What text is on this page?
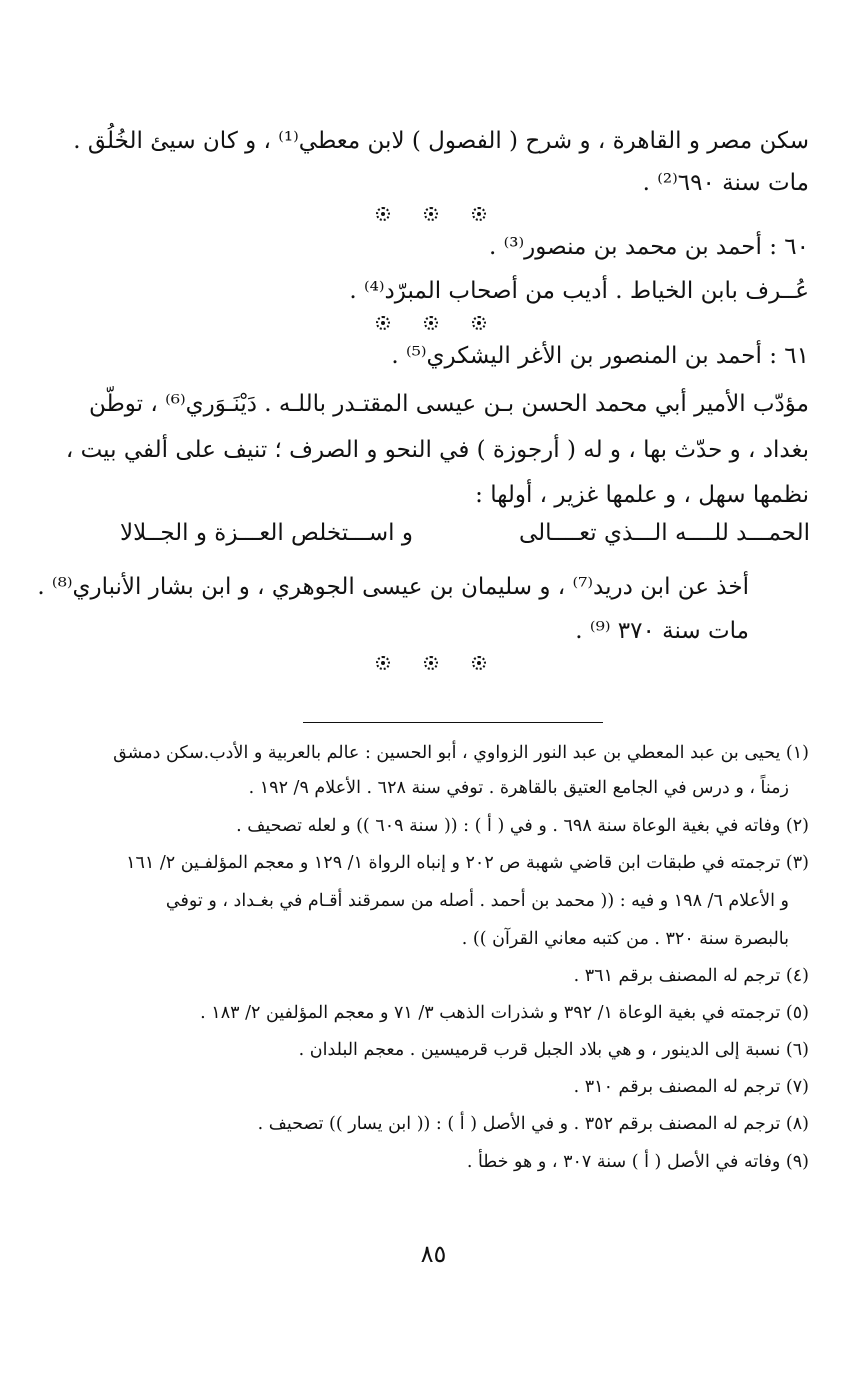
سكن مصر و القاهرة ، و شرح ( الفصول ) لابن معطي⁽¹⁾ ، و كان سيئ الخُلُق .
مات سنة ٦٩٠⁽²⁾ .
٦٠ : أحمد بن محمد بن منصور⁽³⁾ .
عُــرف بابن الخياط . أديب من أصحاب المبرّد⁽⁴⁾ .
٦١ : أحمد بن المنصور بن الأغر اليشكري⁽⁵⁾ .
مؤدّب الأمير أبي محمد الحسن بـن عيسى المقتـدر باللـه . دَيْنَـوَري⁽⁶⁾ ، توطّن
بغداد ، و حدّث بها ، و له ( أرجوزة ) في النحو و الصرف ؛ تنيف على ألفي بيت ،
نظمها سهل ، و علمها غزير ، أولها :
الحمـــد للــــه الـــذي تعــــالى
و اســـتخلص العـــزة و الجــلالا
أخذ عن ابن دريد⁽⁷⁾ ، و سليمان بن عيسى الجوهري ، و ابن بشار الأنباري⁽⁸⁾ .
مات سنة ٣٧٠ ⁽⁹⁾ .
(١) يحيى بن عبد المعطي بن عبد النور الزواوي ، أبو الحسين : عالم بالعربية و الأدب.سكن دمشق
زمناً ، و درس في الجامع العتيق بالقاهرة . توفي سنة ٦٢٨ . الأعلام ٩/ ١٩٢ .
(٢) وفاته في بغية الوعاة سنة ٦٩٨ . و في ( أ ) : (( سنة ٦٠٩ )) و لعله تصحيف .
(٣) ترجمته في طبقات ابن قاضي شهبة ص ٢٠٢ و إنباه الرواة ١/ ١٢٩ و معجم المؤلفـين ٢/ ١٦١
و الأعلام ٦/ ١٩٨ و فيه : (( محمد بن أحمد . أصله من سمرقند أقـام في بغـداد ، و توفي
بالبصرة سنة ٣٢٠ . من كتبه معاني القرآن )) .
(٤) ترجم له المصنف برقم ٣٦١ .
(٥) ترجمته في بغية الوعاة ١/ ٣٩٢ و شذرات الذهب ٣/ ٧١ و معجم المؤلفين ٢/ ١٨٣ .
(٦) نسبة إلى الدينور ، و هي بلاد الجبل قرب قرميسين . معجم البلدان .
(٧) ترجم له المصنف برقم ٣١٠ .
(٨) ترجم له المصنف برقم ٣٥٢ . و في الأصل ( أ ) : (( ابن يسار )) تصحيف .
(٩) وفاته في الأصل ( أ ) سنة ٣٠٧ ، و هو خطأ .
٨٥
